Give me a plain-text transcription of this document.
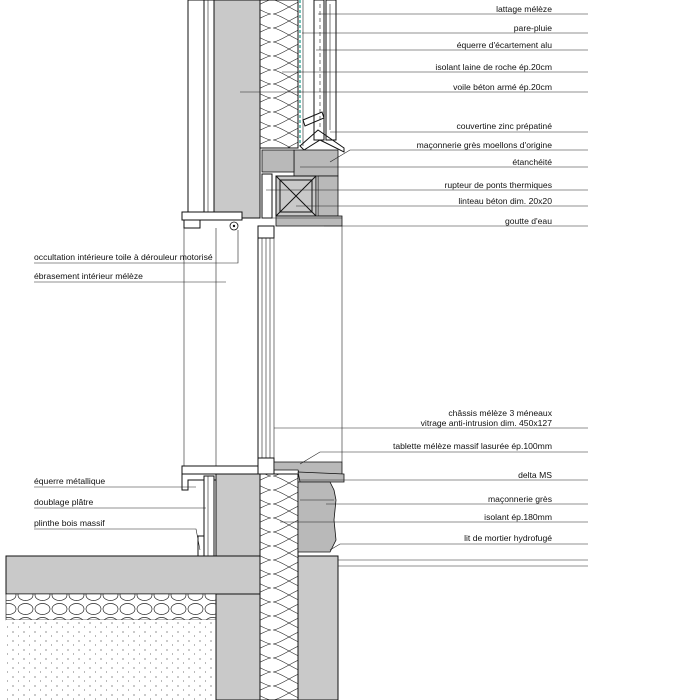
lattage mélèze
pare-pluie
équerre d'écartement alu
isolant laine de roche ép.20cm
voile béton armé ép.20cm
couvertine zinc prépatiné
maçonnerie grès moellons d'origine
étanchéité
rupteur de ponts thermiques
linteau béton dim. 20x20
goutte d'eau
châssis mélèze 3 méneaux
vitrage anti-intrusion dim. 450x127
tablette mélèze massif lasurée ép.100mm
delta MS
maçonnerie grès
isolant ép.180mm
lit de mortier hydrofugé
occultation intérieure toile à dérouleur motorisé
ébrasement intérieur mélèze
équerre métallique
doublage plâtre
plinthe bois massif
